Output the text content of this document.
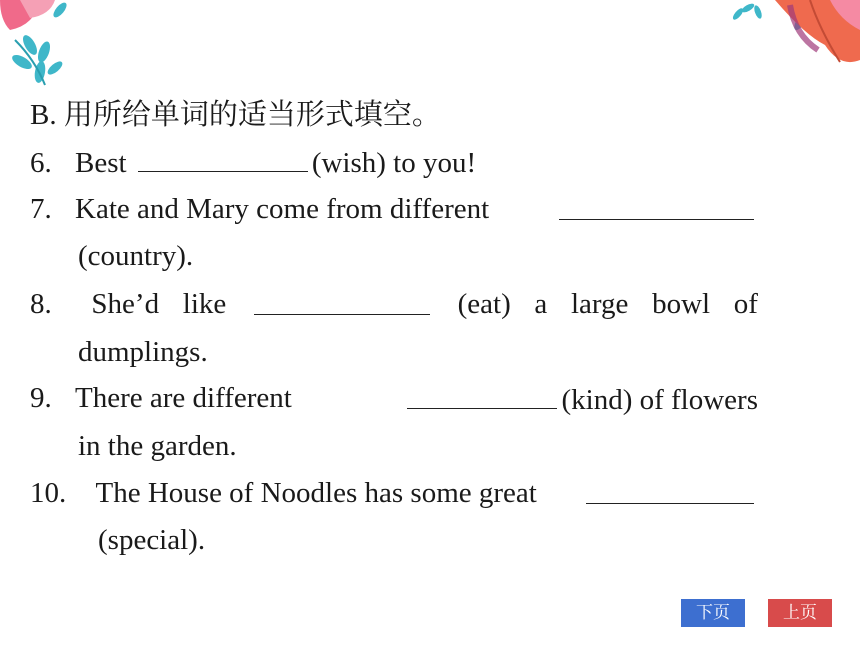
B. 用所给单词的适当形式填空。
6. Best	(wish) to you!
7. Kate and Mary come from different
(country).
8. She’d like	(eat) a large bowl of
dumplings.
9. There are different	(kind) of flowers
in the garden.
10. The House of Noodles has some great
(special).
下页	上页
